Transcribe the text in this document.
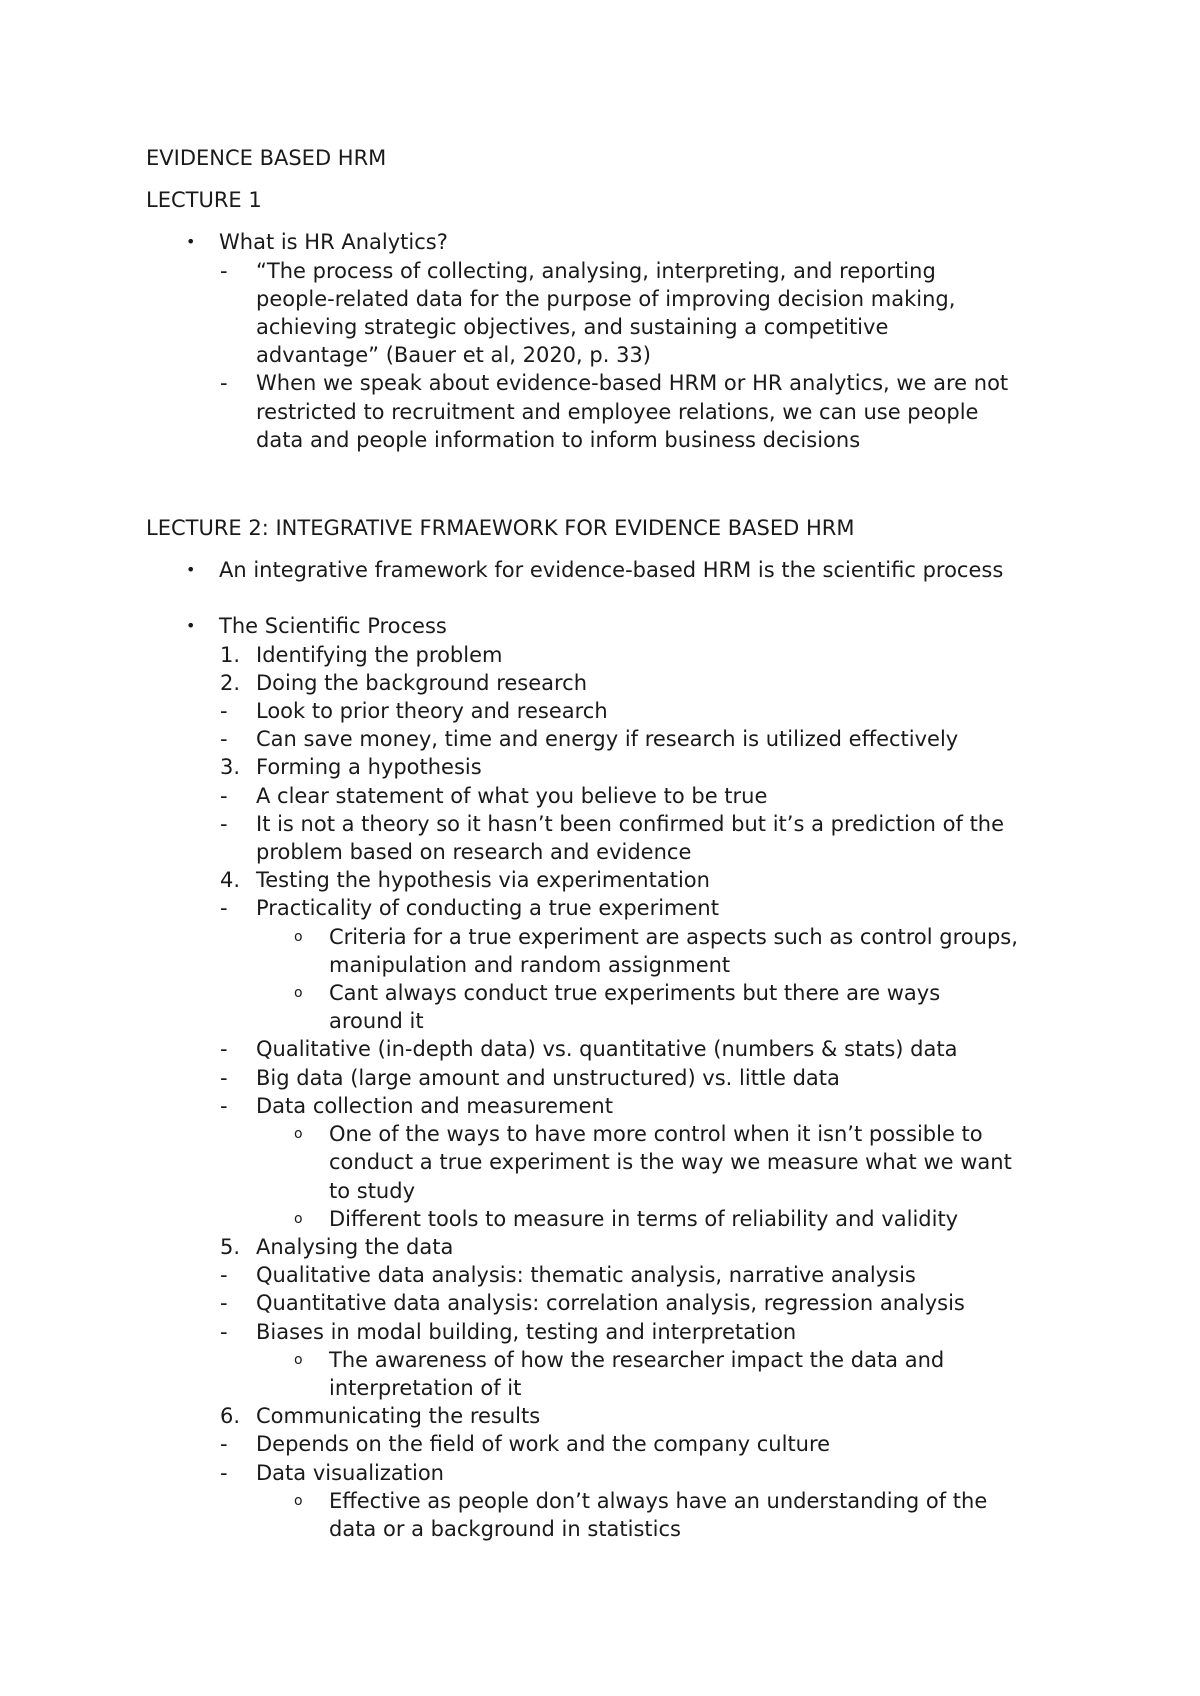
EVIDENCE BASED HRM
LECTURE 1
• What is HR Analytics?
- “The process of collecting, analysing, interpreting, and reporting
people-related data for the purpose of improving decision making,
achieving strategic objectives, and sustaining a competitive
advantage” (Bauer et al, 2020, p. 33)
- When we speak about evidence-based HRM or HR analytics, we are not
restricted to recruitment and employee relations, we can use people
data and people information to inform business decisions
LECTURE 2: INTEGRATIVE FRMAEWORK FOR EVIDENCE BASED HRM
• An integrative framework for evidence-based HRM is the scientific process
• The Scientific Process
1. Identifying the problem
2. Doing the background research
- Look to prior theory and research
- Can save money, time and energy if research is utilized effectively
3. Forming a hypothesis
- A clear statement of what you believe to be true
- It is not a theory so it hasn’t been confirmed but it’s a prediction of the
problem based on research and evidence
4. Testing the hypothesis via experimentation
- Practicality of conducting a true experiment
o Criteria for a true experiment are aspects such as control groups,
manipulation and random assignment
o Cant always conduct true experiments but there are ways
around it
- Qualitative (in-depth data) vs. quantitative (numbers & stats) data
- Big data (large amount and unstructured) vs. little data
- Data collection and measurement
o One of the ways to have more control when it isn’t possible to
conduct a true experiment is the way we measure what we want
to study
o Different tools to measure in terms of reliability and validity
5. Analysing the data
- Qualitative data analysis: thematic analysis, narrative analysis
- Quantitative data analysis: correlation analysis, regression analysis
- Biases in modal building, testing and interpretation
o The awareness of how the researcher impact the data and
interpretation of it
6. Communicating the results
- Depends on the field of work and the company culture
- Data visualization
o Effective as people don’t always have an understanding of the
data or a background in statistics
